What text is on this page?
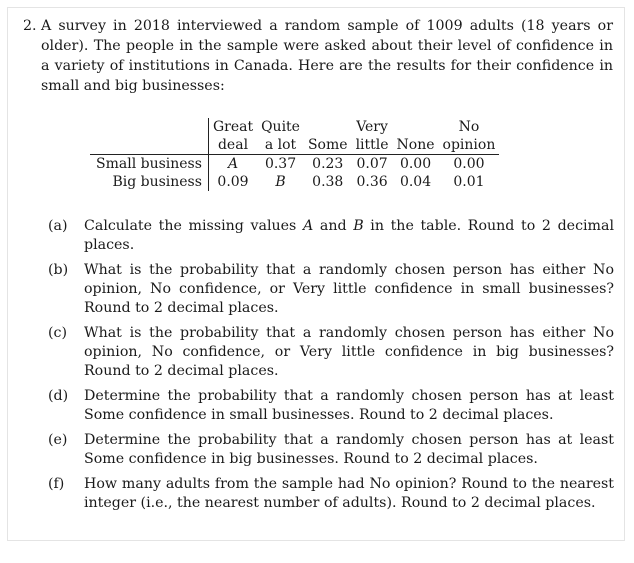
2. A survey in 2018 interviewed a random sample of 1009 adults (18 years or older). The people in the sample were asked about their level of confidence in a variety of institutions in Canada. Here are the results for their confidence in small and big businesses:
	Great	Quite		Very		No
	deal	a lot	Some	little	None	opinion
Small business	A	0.37	0.23	0.07	0.00	0.00
Big business	0.09	B	0.38	0.36	0.04	0.01
(a) Calculate the missing values A and B in the table. Round to 2 decimal places.
(b) What is the probability that a randomly chosen person has either No opinion, No confidence, or Very little confidence in small businesses? Round to 2 decimal places.
(c) What is the probability that a randomly chosen person has either No opinion, No confidence, or Very little confidence in big businesses? Round to 2 decimal places.
(d) Determine the probability that a randomly chosen person has at least Some confidence in small businesses. Round to 2 decimal places.
(e) Determine the probability that a randomly chosen person has at least Some confidence in big businesses. Round to 2 decimal places.
(f) How many adults from the sample had No opinion? Round to the nearest integer (i.e., the nearest number of adults). Round to 2 decimal places.
